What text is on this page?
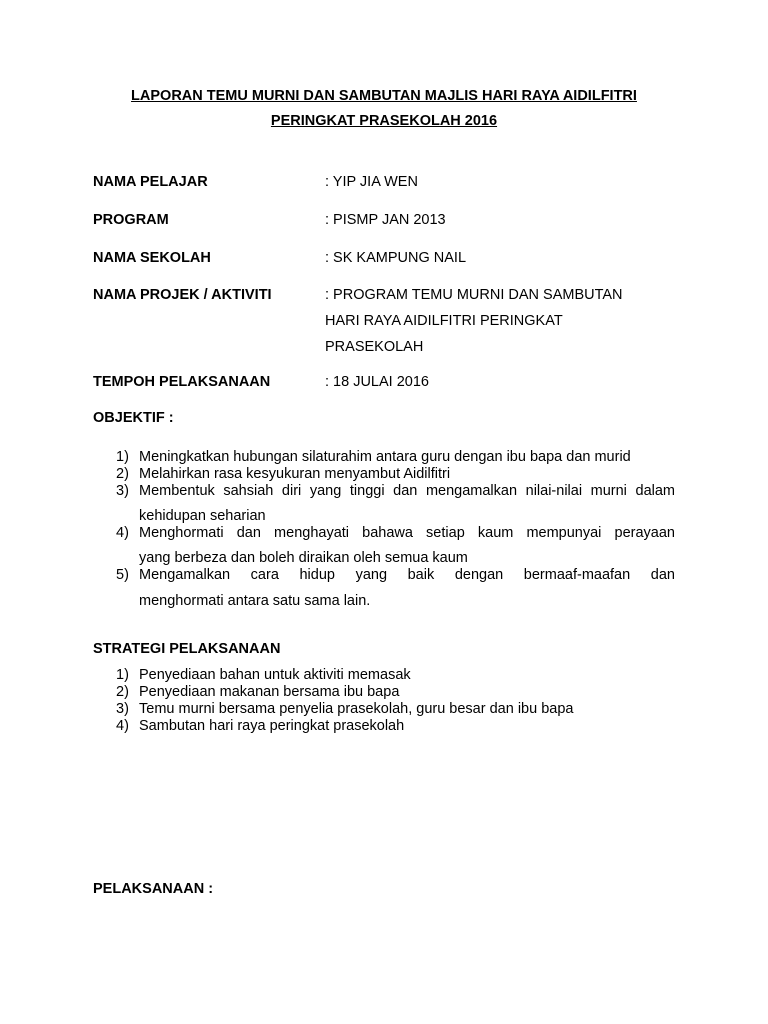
LAPORAN TEMU MURNI DAN SAMBUTAN MAJLIS HARI RAYA AIDILFITRI
PERINGKAT PRASEKOLAH 2016
NAMA PELAJAR	: YIP JIA WEN
PROGRAM	: PISMP JAN 2013
NAMA SEKOLAH	: SK KAMPUNG NAIL
NAMA PROJEK / AKTIVITI	: PROGRAM TEMU MURNI DAN SAMBUTAN
HARI RAYA AIDILFITRI PERINGKAT
PRASEKOLAH
TEMPOH PELAKSANAAN	: 18 JULAI 2016
OBJEKTIF :
1) Meningkatkan hubungan silaturahim antara guru dengan ibu bapa dan murid
2) Melahirkan rasa kesyukuran menyambut Aidilfitri
3) Membentuk sahsiah diri yang tinggi dan mengamalkan nilai-nilai murni dalam
kehidupan seharian
4) Menghormati dan menghayati bahawa setiap kaum mempunyai perayaan
yang berbeza dan boleh diraikan oleh semua kaum
5) Mengamalkan cara hidup yang baik dengan bermaaf-maafan dan
menghormati antara satu sama lain.
STRATEGI PELAKSANAAN
1) Penyediaan bahan untuk aktiviti memasak
2) Penyediaan makanan bersama ibu bapa
3) Temu murni bersama penyelia prasekolah, guru besar dan ibu bapa
4) Sambutan hari raya peringkat prasekolah
PELAKSANAAN :
